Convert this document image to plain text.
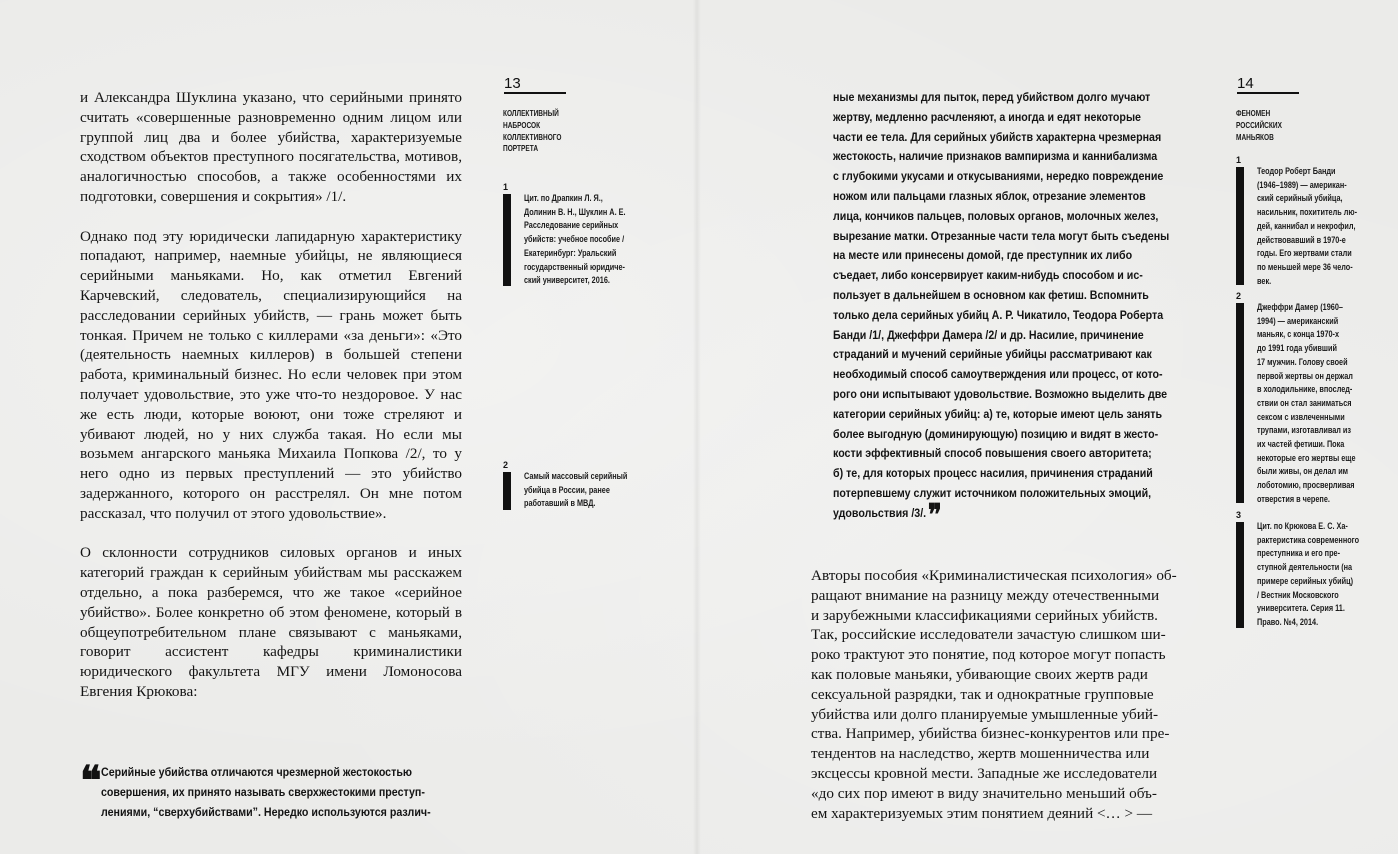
и Александра Шуклина указано, что серийными принято считать «совершенные разновременно одним лицом или группой лиц два и более убийства, характеризуемые сходством объектов преступного посягательства, мотивов, аналогичностью способов, а также особенностями их подготовки, совершения и сокрытия» /1/.

Однако под эту юридически лапидарную характеристику попадают, например, наемные убийцы, не являющиеся серийными маньяками. Но, как отметил Евгений Карчевский, следователь, специализирующийся на расследовании серийных убийств, — грань может быть тонкая. Причем не только с киллерами «за деньги»: «Это (деятельность наемных киллеров) в большей степени работа, криминальный бизнес. Но если человек при этом получает удовольствие, это уже что-то нездоровое. У нас же есть люди, которые воюют, они тоже стреляют и убивают людей, но у них служба такая. Но если мы возьмем ангарского маньяка Михаила Попкова /2/, то у него одно из первых преступлений — это убийство задержанного, которого он расстрелял. Он мне потом рассказал, что получил от этого удовольствие».

О склонности сотрудников силовых органов и иных категорий граждан к серийным убийствам мы расскажем отдельно, а пока разберемся, что же такое «серийное убийство». Более конкретно об этом феномене, который в общеупотребительном плане связывают с маньяками, говорит ассистент кафедры криминалистики юридического факультета МГУ имени Ломоносова Евгения Крюкова:

❝ Серийные убийства отличаются чрезмерной жестокостью
совершения, их принято называть сверхжестокими преступ-
лениями, “сверхубийствами”. Нередко используются различ-
13
КОЛЛЕКТИВНЫЙ
НАБРОСОК
КОЛЛЕКТИВНОГО
ПОРТРЕТА
1
Цит. по Драпкин Л. Я.,
Долинин В. Н., Шуклин А. Е.
Расследование серийных
убийств: учебное пособие /
Екатеринбург: Уральский
государственный юридиче-
ский университет, 2016.
2
Самый массовый серийный
убийца в России, ранее
работавший в МВД.
ные механизмы для пыток, перед убийством долго мучают
жертву, медленно расчленяют, а иногда и едят некоторые
части ее тела. Для серийных убийств характерна чрезмерная
жестокость, наличие признаков вампиризма и каннибализма
с глубокими укусами и откусываниями, нередко повреждение
ножом или пальцами глазных яблок, отрезание элементов
лица, кончиков пальцев, половых органов, молочных желез,
вырезание матки. Отрезанные части тела могут быть съедены
на месте или принесены домой, где преступник их либо
съедает, либо консервирует каким-нибудь способом и ис-
пользует в дальнейшем в основном как фетиш. Вспомнить
только дела серийных убийц А. Р. Чикатило, Теодора Роберта
Банди /1/, Джеффри Дамера /2/ и др. Насилие, причинение
страданий и мучений серийные убийцы рассматривают как
необходимый способ самоутверждения или процесс, от кото-
рого они испытывают удовольствие. Возможно выделить две
категории серийных убийц: а) те, которые имеют цель занять
более выгодную (доминирующую) позицию и видят в жесто-
кости эффективный способ повышения своего авторитета;
б) те, для которых процесс насилия, причинения страданий
потерпевшему служит источником положительных эмоций,
удовольствия /3/.❞
Авторы пособия «Криминалистическая психология» об-
ращают внимание на разницу между отечественными
и зарубежными классификациями серийных убийств.
Так, российские исследователи зачастую слишком ши-
роко трактуют это понятие, под которое могут попасть
как половые маньяки, убивающие своих жертв ради
сексуальной разрядки, так и однократные групповые
убийства или долго планируемые умышленные убий-
ства. Например, убийства бизнес-конкурентов или пре-
тендентов на наследство, жертв мошенничества или
эксцессы кровной мести. Западные же исследователи
«до сих пор имеют в виду значительно меньший объ-
ем характеризуемых этим понятием деяний <… > —
14
ФЕНОМЕН
РОССИЙСКИХ
МАНЬЯКОВ
1
Теодор Роберт Банди
(1946–1989) — американ-
ский серийный убийца,
насильник, похититель лю-
дей, каннибал и некрофил,
действовавший в 1970-е
годы. Его жертвами стали
по меньшей мере 36 чело-
век.
2
Джеффри Дамер (1960–
1994) — американский
маньяк, с конца 1970-х
до 1991 года убивший
17 мужчин. Голову своей
первой жертвы он держал
в холодильнике, впослед-
ствии он стал заниматься
сексом с извлеченными
трупами, изготавливал из
их частей фетиши. Пока
некоторые его жертвы еще
были живы, он делал им
лоботомию, просверливая
отверстия в черепе.
3
Цит. по Крюкова Е. С. Ха-
рактеристика современного
преступника и его пре-
ступной деятельности (на
примере серийных убийц)
/ Вестник Московского
университета. Серия 11.
Право. №4, 2014.
